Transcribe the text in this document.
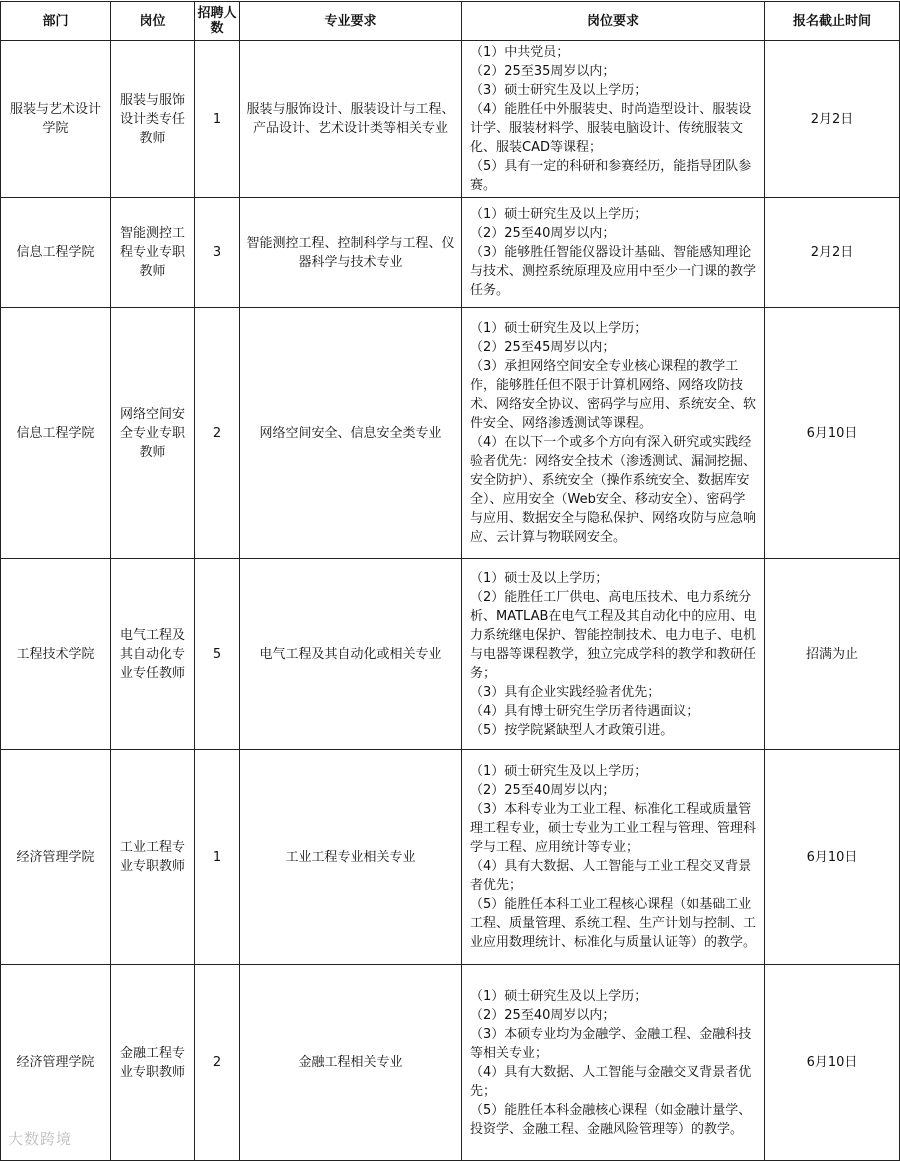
部门	岗位	招聘人数	专业要求	岗位要求	报名截止时间
服装与艺术设计学院	服装与服饰设计类专任教师	1	服装与服饰设计、服装设计与工程、产品设计、艺术设计类等相关专业	（1）中共党员；
（2）25至35周岁以内；
（3）硕士研究生及以上学历；
（4）能胜任中外服装史、时尚造型设计、服装设计学、服装材料学、服装电脑设计、传统服装文化、服装CAD等课程；
（5）具有一定的科研和参赛经历，能指导团队参赛。	2月2日
信息工程学院	智能测控工程专业专职教师	3	智能测控工程、控制科学与工程、仪器科学与技术专业	（1）硕士研究生及以上学历；
（2）25至40周岁以内；
（3）能够胜任智能仪器设计基础、智能感知理论与技术、测控系统原理及应用中至少一门课的教学任务。	2月2日
信息工程学院	网络空间安全专业专职教师	2	网络空间安全、信息安全类专业	（1）硕士研究生及以上学历；
（2）25至45周岁以内；
（3）承担网络空间安全专业核心课程的教学工作，能够胜任但不限于计算机网络、网络攻防技术、网络安全协议、密码学与应用、系统安全、软件安全、网络渗透测试等课程。
（4）在以下一个或多个方向有深入研究或实践经验者优先：网络安全技术（渗透测试、漏洞挖掘、安全防护）、系统安全（操作系统安全、数据库安全）、应用安全（Web安全、移动安全）、密码学与应用、数据安全与隐私保护、网络攻防与应急响应、云计算与物联网安全。	6月10日
工程技术学院	电气工程及其自动化专业专任教师	5	电气工程及其自动化或相关专业	（1）硕士及以上学历；
（2）能胜任工厂供电、高电压技术、电力系统分析、MATLAB在电气工程及其自动化中的应用、电力系统继电保护、智能控制技术、电力电子、电机与电器等课程教学，独立完成学科的教学和教研任务；
（3）具有企业实践经验者优先；
（4）具有博士研究生学历者待遇面议；
（5）按学院紧缺型人才政策引进。	招满为止
经济管理学院	工业工程专业专职教师	1	工业工程专业相关专业	（1）硕士研究生及以上学历；
（2）25至40周岁以内；
（3）本科专业为工业工程、标准化工程或质量管理工程专业，硕士专业为工业工程与管理、管理科学与工程、应用统计等专业；
（4）具有大数据、人工智能与工业工程交叉背景者优先；
（5）能胜任本科工业工程核心课程（如基础工业工程、质量管理、系统工程、生产计划与控制、工业应用数理统计、标准化与质量认证等）的教学。	6月10日
经济管理学院	金融工程专业专职教师	2	金融工程相关专业	（1）硕士研究生及以上学历；
（2）25至40周岁以内；
（3）本硕专业均为金融学、金融工程、金融科技等相关专业；
（4）具有大数据、人工智能与金融交叉背景者优先；
（5）能胜任本科金融核心课程（如金融计量学、投资学、金融工程、金融风险管理等）的教学。	6月10日
大数跨境
